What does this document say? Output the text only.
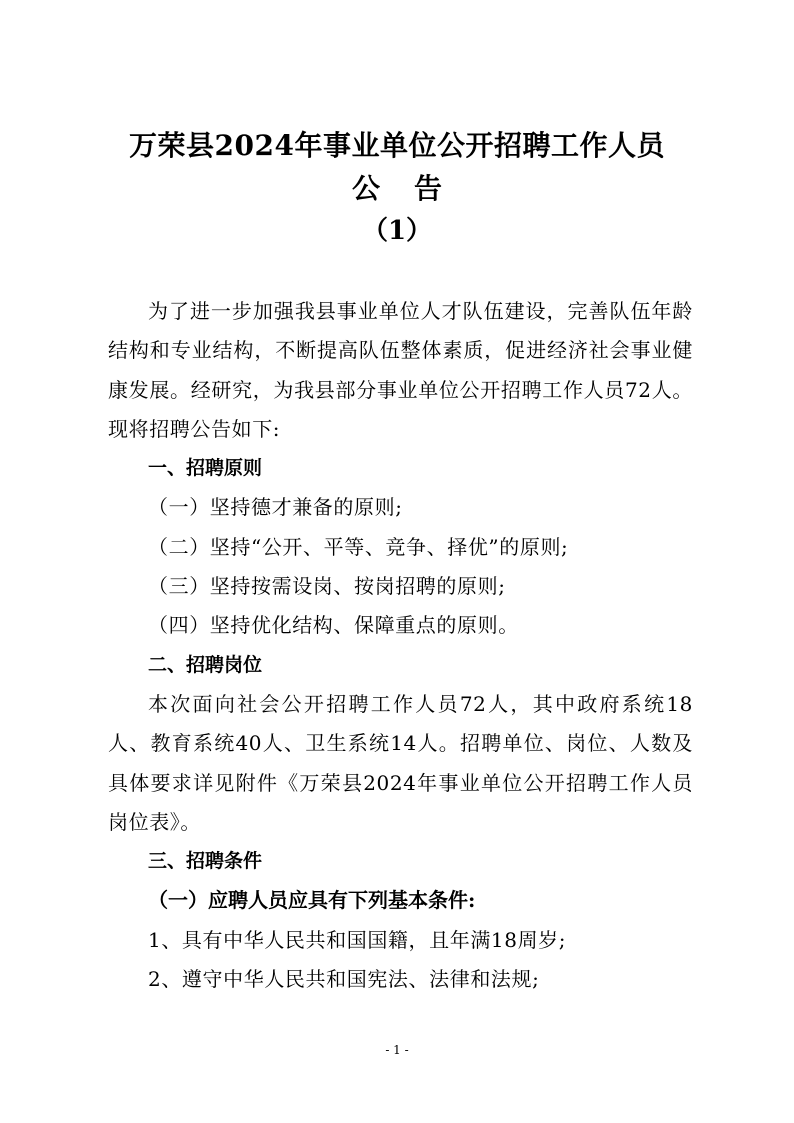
万荣县2024年事业单位公开招聘工作人员

公告

（1）

为了进一步加强我县事业单位人才队伍建设，完善队伍年龄结构和专业结构，不断提高队伍整体素质，促进经济社会事业健康发展。经研究，为我县部分事业单位公开招聘工作人员72人。现将招聘公告如下:

一、招聘原则

（一）坚持德才兼备的原则;

（二）坚持“公开、平等、竞争、择优”的原则;

（三）坚持按需设岗、按岗招聘的原则;

（四）坚持优化结构、保障重点的原则。

二、招聘岗位

本次面向社会公开招聘工作人员72人，其中政府系统18人、教育系统40人、卫生系统14人。招聘单位、岗位、人数及具体要求详见附件《万荣县2024年事业单位公开招聘工作人员岗位表》。

三、招聘条件

（一）应聘人员应具有下列基本条件:

1、具有中华人民共和国国籍，且年满18周岁;

2、遵守中华人民共和国宪法、法律和法规;

- 1 -
